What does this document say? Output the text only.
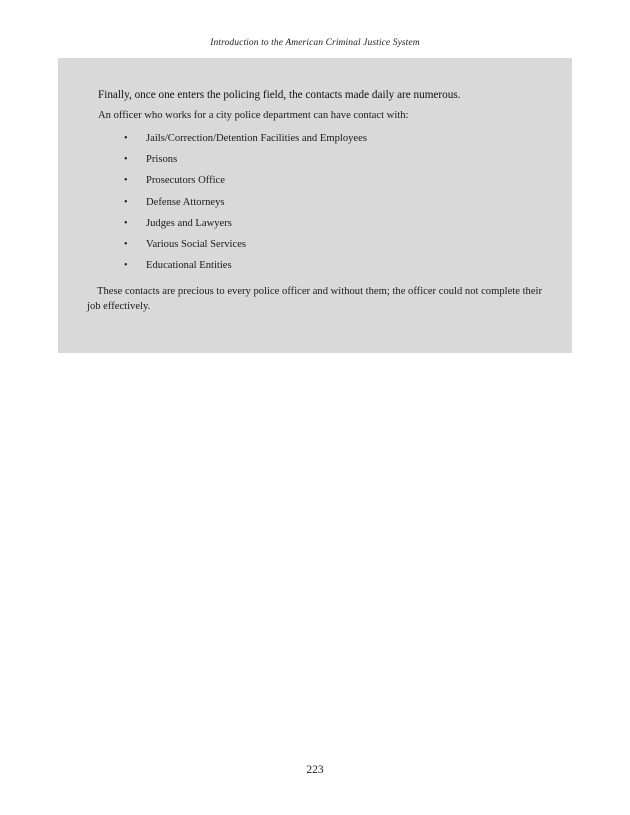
Introduction to the American Criminal Justice System

Finally, once one enters the policing field, the contacts made daily are numerous.

An officer who works for a city police department can have contact with:

• Jails/Correction/Detention Facilities and Employees
• Prisons
• Prosecutors Office
• Defense Attorneys
• Judges and Lawyers
• Various Social Services
• Educational Entities

These contacts are precious to every police officer and without them; the officer could not complete their job effectively.

223
